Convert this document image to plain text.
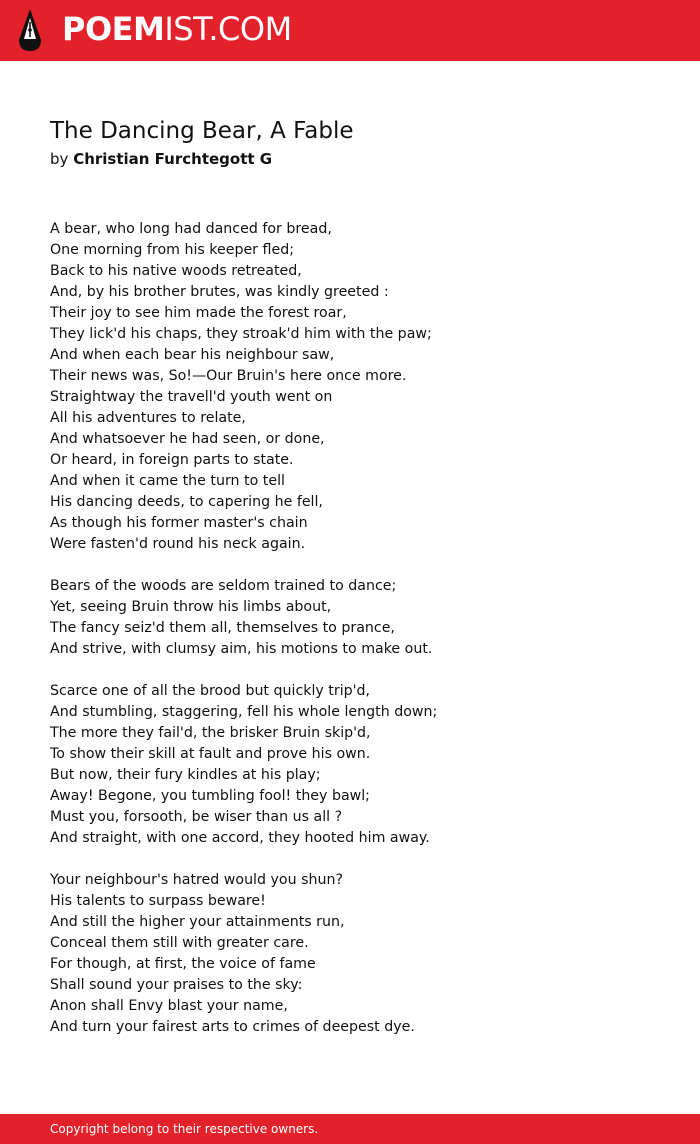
POEMIST.COM
The Dancing Bear, A Fable
by Christian Furchtegott G
A bear, who long had danced for bread,
One morning from his keeper fled;
Back to his native woods retreated,
And, by his brother brutes, was kindly greeted :
Their joy to see him made the forest roar,
They lick'd his chaps, they stroak'd him with the paw;
And when each bear his neighbour saw,
Their news was, So!—Our Bruin's here once more.
Straightway the travell'd youth went on
All his adventures to relate,
And whatsoever he had seen, or done,
Or heard, in foreign parts to state.
And when it came the turn to tell
His dancing deeds, to capering he fell,
As though his former master's chain
Were fasten'd round his neck again.
Bears of the woods are seldom trained to dance;
Yet, seeing Bruin throw his limbs about,
The fancy seiz'd them all, themselves to prance,
And strive, with clumsy aim, his motions to make out.
Scarce one of all the brood but quickly trip'd,
And stumbling, staggering, fell his whole length down;
The more they fail'd, the brisker Bruin skip'd,
To show their skill at fault and prove his own.
But now, their fury kindles at his play;
Away! Begone, you tumbling fool! they bawl;
Must you, forsooth, be wiser than us all ?
And straight, with one accord, they hooted him away.
Your neighbour's hatred would you shun?
His talents to surpass beware!
And still the higher your attainments run,
Conceal them still with greater care.
For though, at first, the voice of fame
Shall sound your praises to the sky:
Anon shall Envy blast your name,
And turn your fairest arts to crimes of deepest dye.
Copyright belong to their respective owners.
